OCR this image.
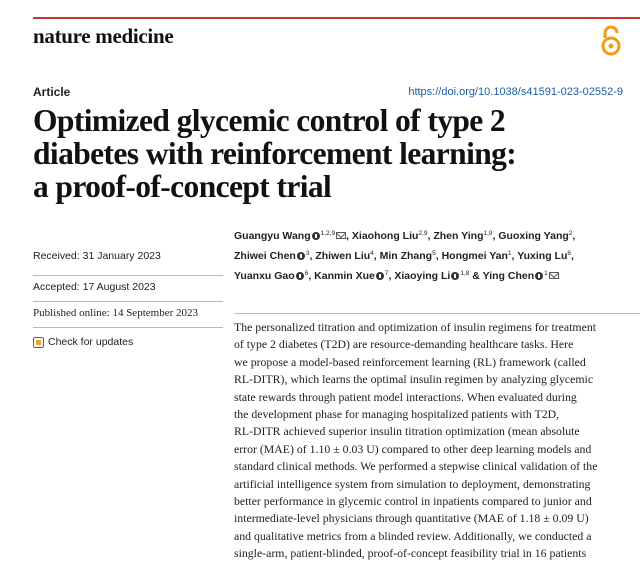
nature medicine
Article	https://doi.org/10.1038/s41591-023-02552-9
Optimized glycemic control of type 2
diabetes with reinforcement learning:
a proof-of-concept trial
Received: 31 January 2023
Accepted: 17 August 2023
Published online: 14 September 2023
Check for updates
Guangyu Wang $^{1,2,9}$ , Xiaohong Liu$^{2,9}$, Zhen Ying$^{1,9}$, Guoxing Yang$^2$,
Zhiwei Chen $^3$, Zhiwen Liu$^4$, Min Zhang$^5$, Hongmei Yan$^1$, Yuxing Lu$^6$,
Yuanxu Gao $^6$, Kanmin Xue $^7$, Xiaoying Li $^{1,8}$ & Ying Chen $^1$
The personalized titration and optimization of insulin regimens for treatment
of type 2 diabetes (T2D) are resource-demanding healthcare tasks. Here
we propose a model-based reinforcement learning (RL) framework (called
RL-DITR), which learns the optimal insulin regimen by analyzing glycemic
state rewards through patient model interactions. When evaluated during
the development phase for managing hospitalized patients with T2D,
RL-DITR achieved superior insulin titration optimization (mean absolute
error (MAE) of 1.10 ± 0.03 U) compared to other deep learning models and
standard clinical methods. We performed a stepwise clinical validation of the
artificial intelligence system from simulation to deployment, demonstrating
better performance in glycemic control in inpatients compared to junior and
intermediate-level physicians through quantitative (MAE of 1.18 ± 0.09 U)
and qualitative metrics from a blinded review. Additionally, we conducted a
single-arm, patient-blinded, proof-of-concept feasibility trial in 16 patients
